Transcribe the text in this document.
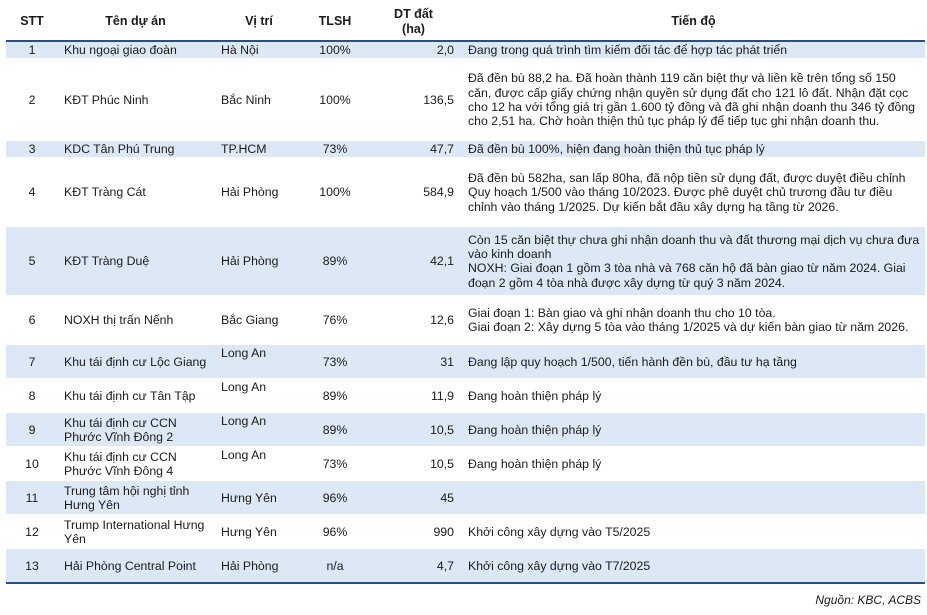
STT	Tên dự án	Vị trí	TLSH	DT đất (ha)	Tiến độ
1	Khu ngoại giao đoàn	Hà Nội	100%	2,0	Đang trong quá trình tìm kiếm đối tác để hợp tác phát triển
2	KĐT Phúc Ninh	Bắc Ninh	100%	136,5	Đã đền bù 88,2 ha. Đã hoàn thành 119 căn biệt thự và liền kề trên tổng số 150 căn, được cấp giấy chứng nhận quyền sử dụng đất cho 121 lô đất. Nhận đặt cọc cho 12 ha với tổng giá trị gần 1.600 tỷ đồng và đã ghi nhận doanh thu 346 tỷ đồng cho 2,51 ha. Chờ hoàn thiện thủ tục pháp lý để tiếp tục ghi nhận doanh thu.
3	KDC Tân Phú Trung	TP.HCM	73%	47,7	Đã đền bù 100%, hiện đang hoàn thiện thủ tục pháp lý
4	KĐT Tràng Cát	Hải Phòng	100%	584,9	Đã đền bù 582ha, san lấp 80ha, đã nộp tiền sử dụng đất, được duyệt điều chỉnh Quy hoạch 1/500 vào tháng 10/2023. Được phê duyệt chủ trương đầu tư điều chỉnh vào tháng 1/2025. Dự kiến bắt đầu xây dựng hạ tầng từ 2026.
5	KĐT Tràng Duệ	Hải Phòng	89%	42,1	Còn 15 căn biệt thự chưa ghi nhận doanh thu và đất thương mại dịch vụ chưa đưa vào kinh doanh
NOXH: Giai đoạn 1 gồm 3 tòa nhà và 768 căn hộ đã bàn giao từ năm 2024. Giai đoạn 2 gồm 4 tòa nhà được xây dựng từ quý 3 năm 2024.
6	NOXH thị trấn Nếnh	Bắc Giang	76%	12,6	Giai đoạn 1: Bàn giao và ghi nhận doanh thu cho 10 tòa.
Giai đoạn 2: Xây dựng 5 tòa vào tháng 1/2025 và dự kiến bàn giao từ năm 2026.
7	Khu tái định cư Lộc Giang	Long An	73%	31	Đang lập quy hoạch 1/500, tiến hành đền bù, đầu tư hạ tầng
8	Khu tái định cư Tân Tập	Long An	89%	11,9	Đang hoàn thiện pháp lý
9	Khu tái định cư CCN Phước Vĩnh Đông 2	Long An	89%	10,5	Đang hoàn thiện pháp lý
10	Khu tái định cư CCN Phước Vĩnh Đông 4	Long An	73%	10,5	Đang hoàn thiện pháp lý
11	Trung tâm hội nghị tỉnh Hưng Yên	Hưng Yên	96%	45	
12	Trump International Hưng Yên	Hưng Yên	96%	990	Khởi công xây dựng vào T5/2025
13	Hải Phòng Central Point	Hải Phòng	n/a	4,7	Khởi công xây dựng vào T7/2025
Nguồn: KBC, ACBS
